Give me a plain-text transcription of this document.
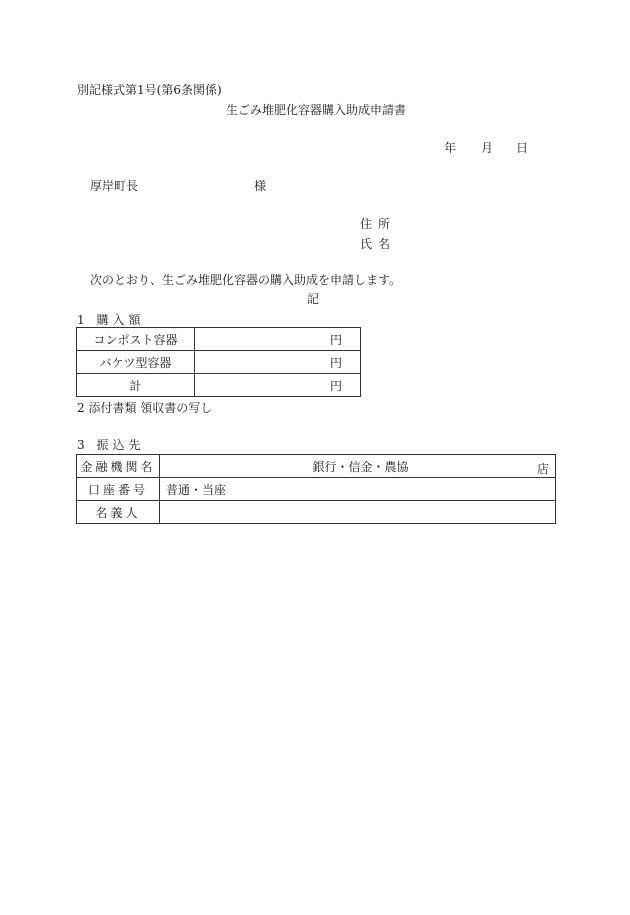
別記様式第1号(第6条関係)
生ごみ堆肥化容器購入助成申請書
年 月 日
厚岸町長	様
住所
氏名
次のとおり、生ごみ堆肥化容器の購入助成を申請します。
記
1 購入額
コンポスト容器	円
バケツ型容器	円
計	円
2 添付書類 領収書の写し
3 振込先
金融機関名	銀行・信金・農協 店

口座番号	普通・当座
名義人	
